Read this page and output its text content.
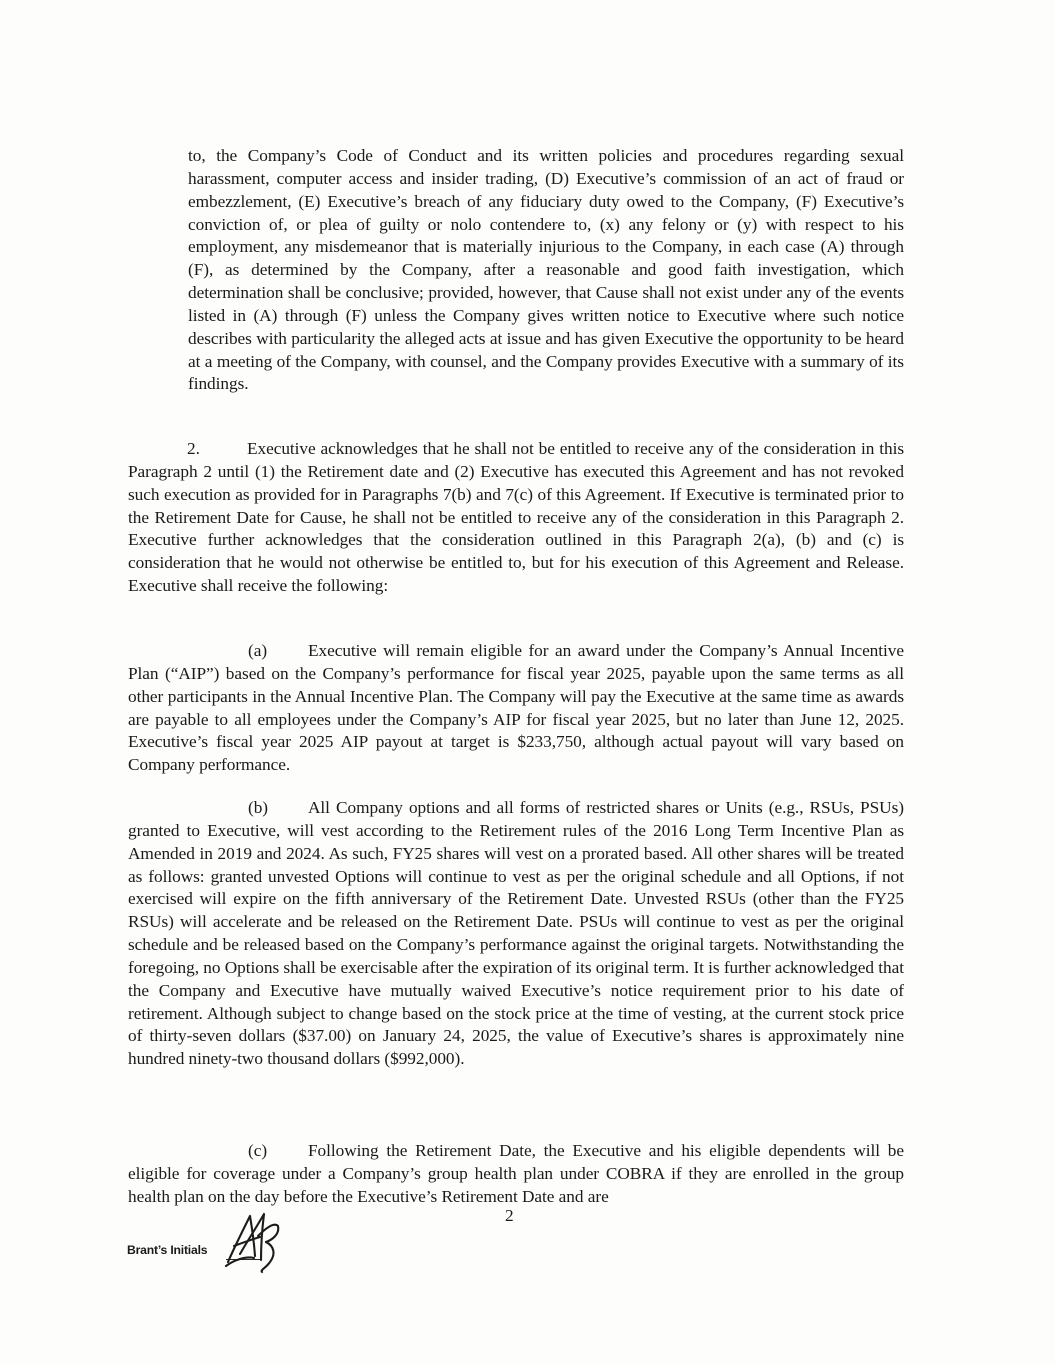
to, the Company’s Code of Conduct and its written policies and procedures regarding sexual harassment, computer access and insider trading, (D) Executive’s commission of an act of fraud or embezzlement, (E) Executive’s breach of any fiduciary duty owed to the Company, (F) Executive’s conviction of, or plea of guilty or nolo contendere to, (x) any felony or (y) with respect to his employment, any misdemeanor that is materially injurious to the Company, in each case (A) through (F), as determined by the Company, after a reasonable and good faith investigation, which determination shall be conclusive; provided, however, that Cause shall not exist under any of the events listed in (A) through (F) unless the Company gives written notice to Executive where such notice describes with particularity the alleged acts at issue and has given Executive the opportunity to be heard at a meeting of the Company, with counsel, and the Company provides Executive with a summary of its findings.

2.	Executive acknowledges that he shall not be entitled to receive any of the consideration in this Paragraph 2 until (1) the Retirement date and (2) Executive has executed this Agreement and has not revoked such execution as provided for in Paragraphs 7(b) and 7(c) of this Agreement. If Executive is terminated prior to the Retirement Date for Cause, he shall not be entitled to receive any of the consideration in this Paragraph 2. Executive further acknowledges that the consideration outlined in this Paragraph 2(a), (b) and (c) is consideration that he would not otherwise be entitled to, but for his execution of this Agreement and Release. Executive shall receive the following:

(a) Executive will remain eligible for an award under the Company’s Annual Incentive Plan (“AIP”) based on the Company’s performance for fiscal year 2025, payable upon the same terms as all other participants in the Annual Incentive Plan. The Company will pay the Executive at the same time as awards are payable to all employees under the Company’s AIP for fiscal year 2025, but no later than June 12, 2025. Executive’s fiscal year 2025 AIP payout at target is $233,750, although actual payout will vary based on Company performance.

(b) All Company options and all forms of restricted shares or Units (e.g., RSUs, PSUs) granted to Executive, will vest according to the Retirement rules of the 2016 Long Term Incentive Plan as Amended in 2019 and 2024. As such, FY25 shares will vest on a prorated based. All other shares will be treated as follows: granted unvested Options will continue to vest as per the original schedule and all Options, if not exercised will expire on the fifth anniversary of the Retirement Date. Unvested RSUs (other than the FY25 RSUs) will accelerate and be released on the Retirement Date. PSUs will continue to vest as per the original schedule and be released based on the Company’s performance against the original targets. Notwithstanding the foregoing, no Options shall be exercisable after the expiration of its original term. It is further acknowledged that the Company and Executive have mutually waived Executive’s notice requirement prior to his date of retirement. Although subject to change based on the stock price at the time of vesting, at the current stock price of thirty-seven dollars ($37.00) on January 24, 2025, the value of Executive’s shares is approximately nine hundred ninety-two thousand dollars ($992,000).

(c) Following the Retirement Date, the Executive and his eligible dependents will be eligible for coverage under a Company’s group health plan under COBRA if they are enrolled in the group health plan on the day before the Executive’s Retirement Date and are

2

Brant’s Initials
